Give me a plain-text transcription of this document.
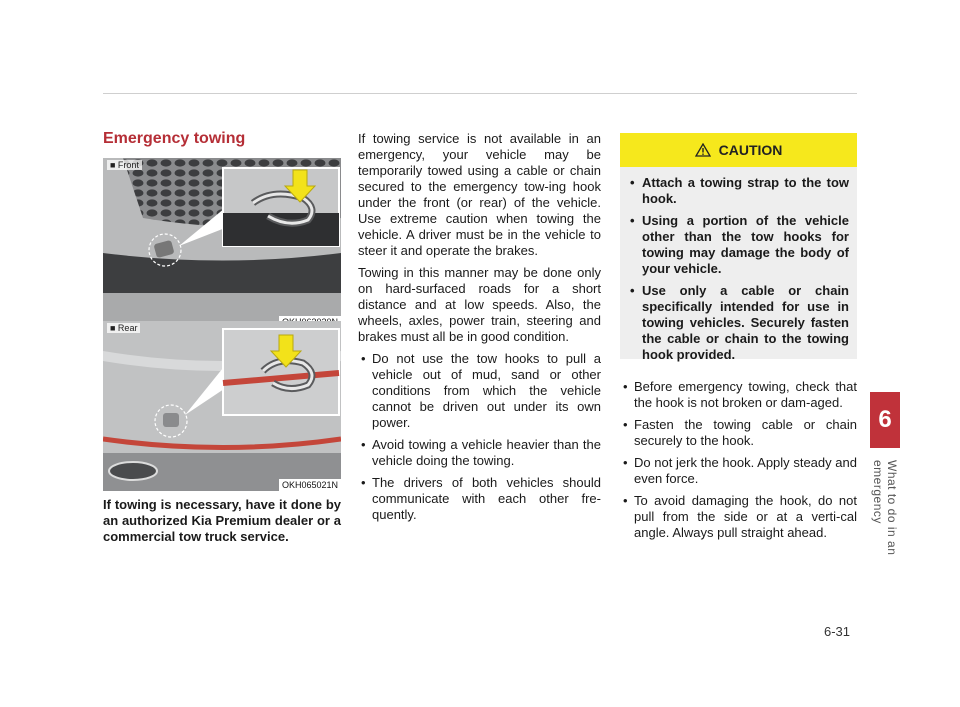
Emergency towing
■ Front
■ Rear
OKH065021N

If towing is necessary, have it done by an authorized Kia Premium dealer or a commercial tow truck service.

If towing service is not available in an emergency, your vehicle may be temporarily towed using a cable or chain secured to the emergency tow-ing hook under the front (or rear) of the vehicle. Use extreme caution when towing the vehicle. A driver must be in the vehicle to steer it and operate the brakes.

Towing in this manner may be done only on hard-surfaced roads for a short distance and at low speeds. Also, the wheels, axles, power train, steering and brakes must all be in good condition.

• Do not use the tow hooks to pull a vehicle out of mud, sand or other conditions from which the vehicle cannot be driven out under its own power.
• Avoid towing a vehicle heavier than the vehicle doing the towing.
• The drivers of both vehicles should communicate with each other fre-quently.
CAUTION
• Attach a towing strap to the tow hook.
• Using a portion of the vehicle other than the tow hooks for towing may damage the body of your vehicle.
• Use only a cable or chain specifically intended for use in towing vehicles. Securely fasten the cable or chain to the towing hook provided.
• Before emergency towing, check that the hook is not broken or dam-aged.
• Fasten the towing cable or chain securely to the hook.
• Do not jerk the hook. Apply steady and even force.
• To avoid damaging the hook, do not pull from the side or at a verti-cal angle. Always pull straight ahead.
6
What to do in an emergency
6-31
